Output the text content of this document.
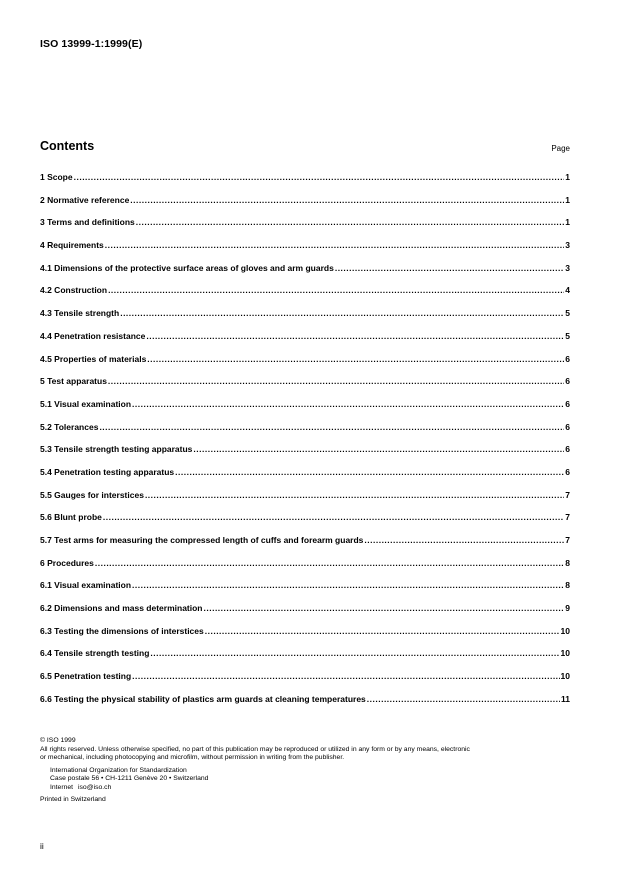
ISO 13999-1:1999(E)
Contents	Page
1 Scope .....	1
2 Normative reference .....	1
3 Terms and definitions .....	1
4 Requirements .....	3
4.1 Dimensions of the protective surface areas of gloves and arm guards .....	3
4.2 Construction .....	4
4.3 Tensile strength .....	5
4.4 Penetration resistance .....	5
4.5 Properties of materials .....	6
5 Test apparatus .....	6
5.1 Visual examination .....	6
5.2 Tolerances .....	6
5.3 Tensile strength testing apparatus .....	6
5.4 Penetration testing apparatus .....	6
5.5 Gauges for interstices .....	7
5.6 Blunt probe .....	7
5.7 Test arms for measuring the compressed length of cuffs and forearm guards .....	7
6 Procedures .....	8
6.1 Visual examination .....	8
6.2 Dimensions and mass determination .....	9
6.3 Testing the dimensions of interstices .....	10
6.4 Tensile strength testing .....	10
6.5 Penetration testing .....	10
6.6 Testing the physical stability of plastics arm guards at cleaning temperatures .....	11

© ISO 1999

All rights reserved. Unless otherwise specified, no part of this publication may be reproduced or utilized in any form or by any means, electronic

or mechanical, including photocopying and microfilm, without permission in writing from the publisher.

International Organization for Standardization
Case postale 56 • CH-1211 Genève 20 • Switzerland
Internet iso@iso.ch
Printed in Switzerland
ii
